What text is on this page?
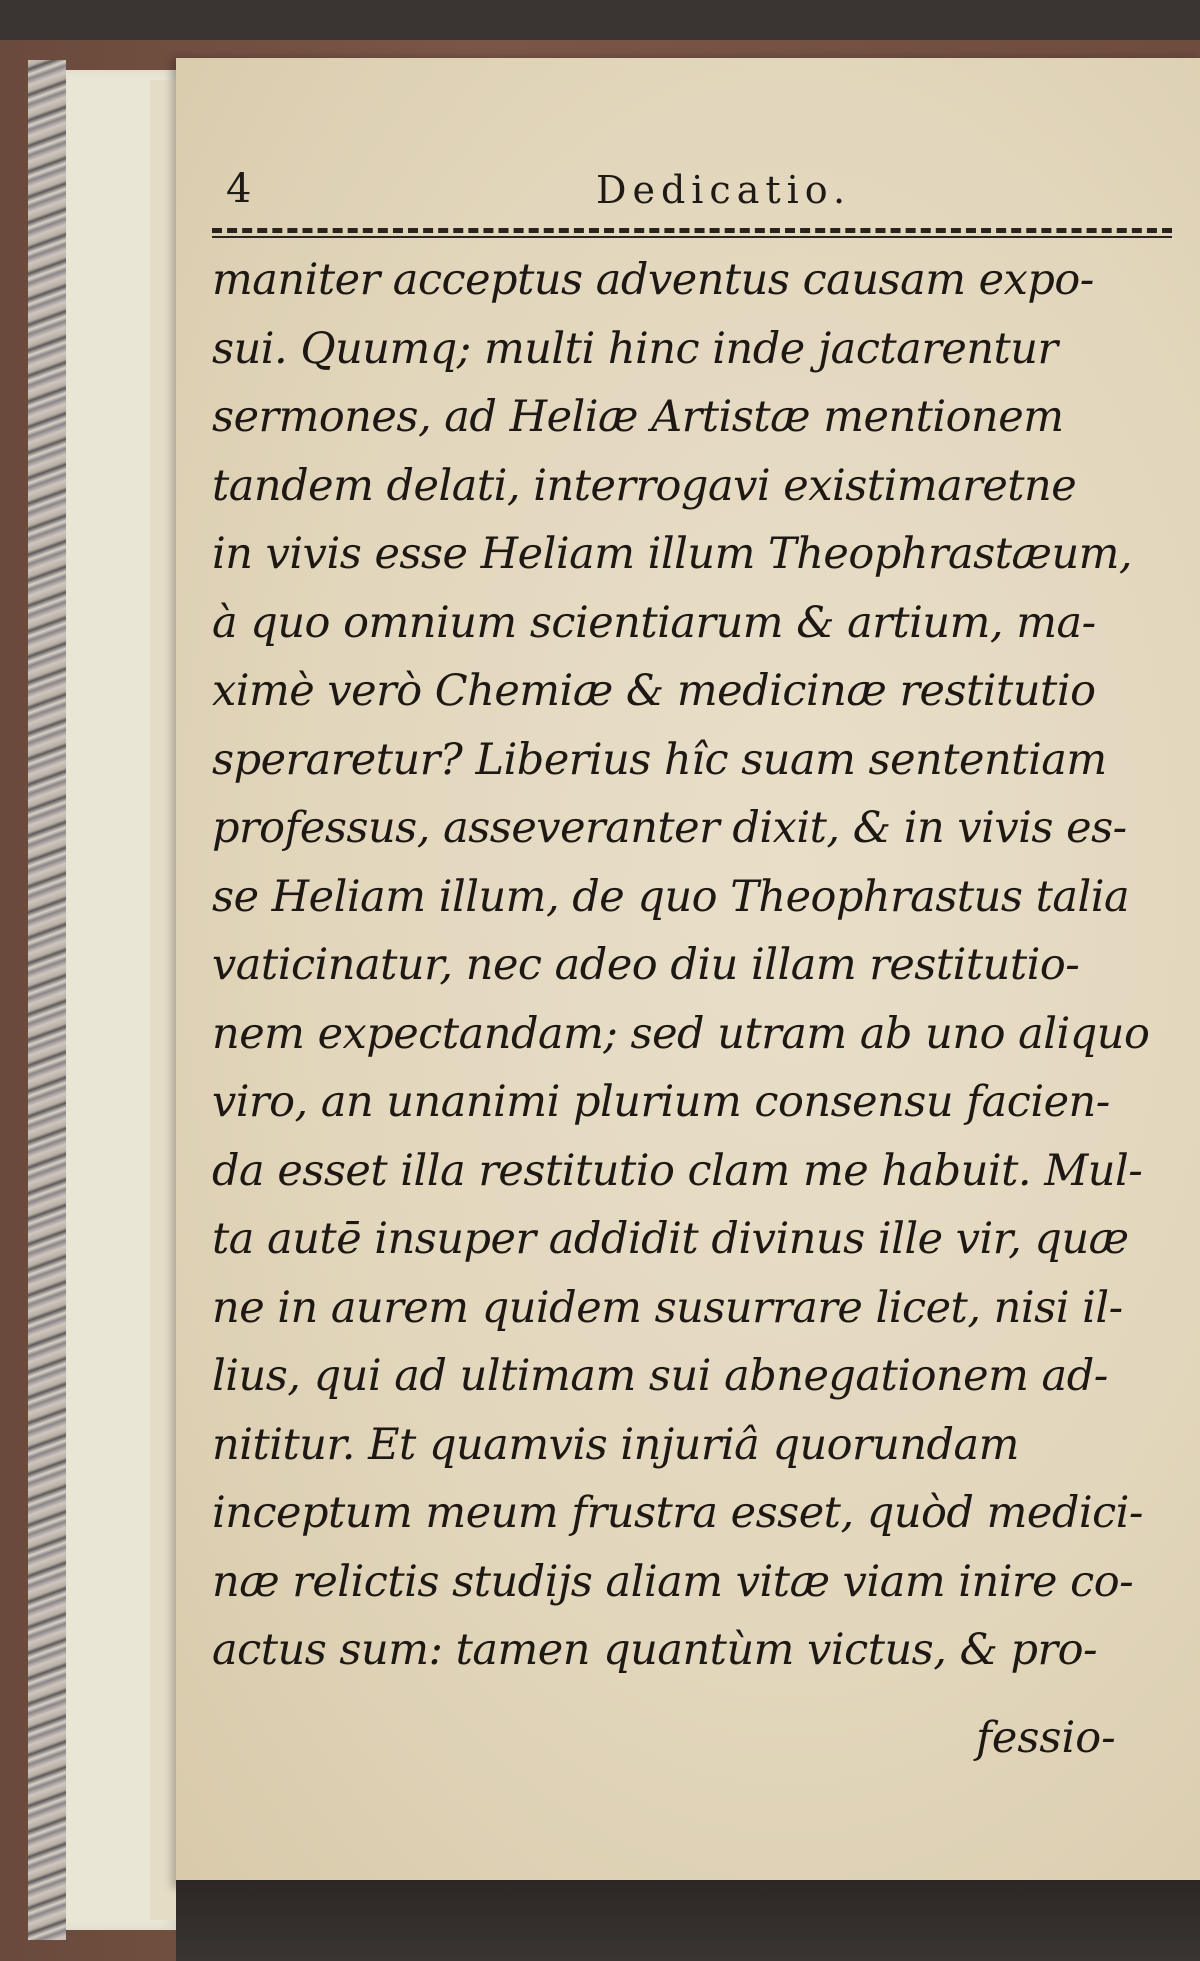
4	Dedicatio.
maniter acceptus adventus causam expo-
sui. Quumq; multi hinc inde jactarentur
sermones, ad Heliæ Artistæ mentionem
tandem delati, interrogavi existimaretne
in vivis esse Heliam illum Theophrastæum,
à quo omnium scientiarum & artium, ma-
ximè verò Chemiæ & medicinæ restitutio
speraretur? Liberius hîc suam sententiam
professus, asseveranter dixit, & in vivis es-
se Heliam illum, de quo Theophrastus talia
vaticinatur, nec adeo diu illam restitutio-
nem expectandam; sed utram ab uno aliquo
viro, an unanimi plurium consensu facien-
da esset illa restitutio clam me habuit. Mul-
ta autē insuper addidit divinus ille vir, quæ
ne in aurem quidem susurrare licet, nisi il-
lius, qui ad ultimam sui abnegationem ad-
nititur. Et quamvis injuriâ quorundam
inceptum meum frustra esset, quòd medici-
næ relictis studijs aliam vitæ viam inire co-
actus sum: tamen quantùm victus, & pro-
fessio-
